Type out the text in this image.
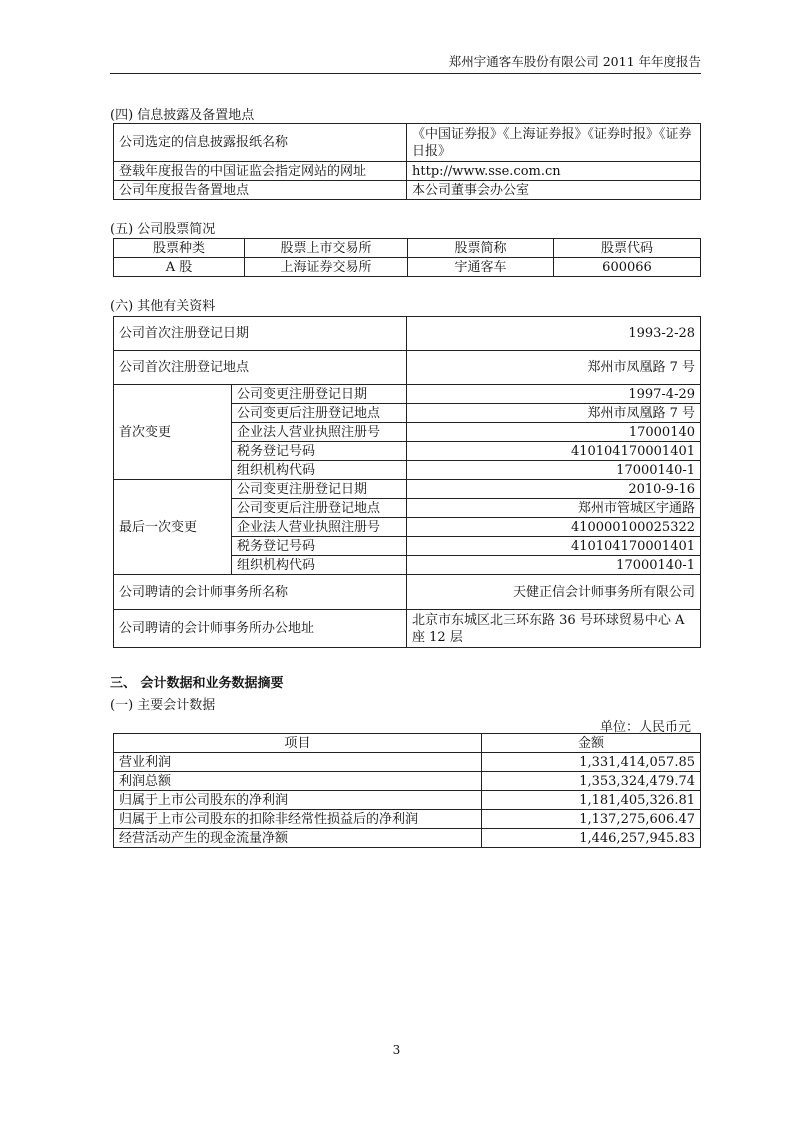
郑州宇通客车股份有限公司 2011 年年度报告
(四) 信息披露及备置地点
公司选定的信息披露报纸名称	《中国证券报》《上海证券报》《证券时报》《证券日报》
登载年度报告的中国证监会指定网站的网址	http://www.sse.com.cn
公司年度报告备置地点	本公司董事会办公室
(五) 公司股票简况
股票种类	股票上市交易所	股票简称	股票代码
A 股	上海证券交易所	宇通客车	600066
(六) 其他有关资料
公司首次注册登记日期		1993-2-28
公司首次注册登记地点		郑州市凤凰路 7 号
首次变更	公司变更注册登记日期	1997-4-29
	公司变更后注册登记地点	郑州市凤凰路 7 号
	企业法人营业执照注册号	17000140
	税务登记号码	410104170001401
	组织机构代码	17000140-1
最后一次变更	公司变更注册登记日期	2010-9-16
	公司变更后注册登记地点	郑州市管城区宇通路
	企业法人营业执照注册号	410000100025322
	税务登记号码	410104170001401
	组织机构代码	17000140-1
公司聘请的会计师事务所名称		天健正信会计师事务所有限公司
公司聘请的会计师事务所办公地址		北京市东城区北三环东路 36 号环球贸易中心 A 座 12 层
三、 会计数据和业务数据摘要
(一) 主要会计数据
单位：人民币元
项目	金额
营业利润	1,331,414,057.85
利润总额	1,353,324,479.74
归属于上市公司股东的净利润	1,181,405,326.81
归属于上市公司股东的扣除非经常性损益后的净利润	1,137,275,606.47
经营活动产生的现金流量净额	1,446,257,945.83
3
